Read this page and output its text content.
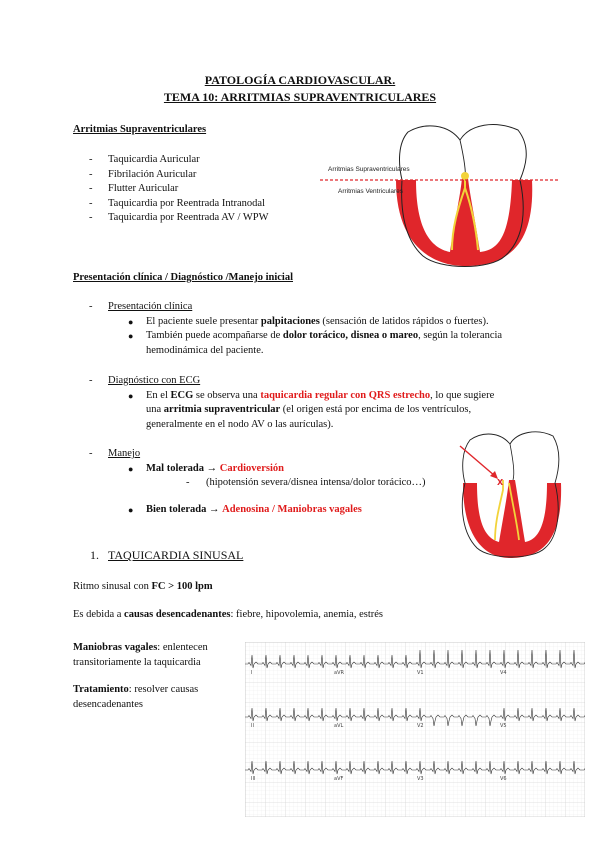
PATOLOGÍA CARDIOVASCULAR.
TEMA 10: ARRITMIAS SUPRAVENTRICULARES
Arritmias Supraventriculares
- Taquicardia Auricular
- Fibrilación Auricular
- Flutter Auricular
- Taquicardia por Reentrada Intranodal
- Taquicardia por Reentrada AV / WPW
Arritmias Supraventriculares
Arritmias Ventriculares
VD	VI
Presentación clínica / Diagnóstico /Manejo inicial
- Presentación clínica
● El paciente suele presentar palpitaciones (sensación de latidos rápidos o fuertes).
● También puede acompañarse de dolor torácico, disnea o mareo, según la tolerancia
hemodinámica del paciente.
- Diagnóstico con ECG
● En el ECG se observa una taquicardia regular con QRS estrecho, lo que sugiere
una arritmia supraventricular (el origen está por encima de los ventrículos,
generalmente en el nodo AV o las aurículas).
- Manejo
● Mal tolerada → Cardioversión
- (hipotensión severa/disnea intensa/dolor torácico…)
● Bien tolerada → Adenosina / Maniobras vagales
X
1. TAQUICARDIA SINUSAL
Ritmo sinusal con FC > 100 lpm
Es debida a causas desencadenantes: fiebre, hipovolemia, anemia, estrés
Maniobras vagales: enlentecen
transitoriamente la taquicardia
Tratamiento: resolver causas
desencadenantes
I	aVR	V1	V4
II	aVL	V2	V5
III	aVF	V3	V6
